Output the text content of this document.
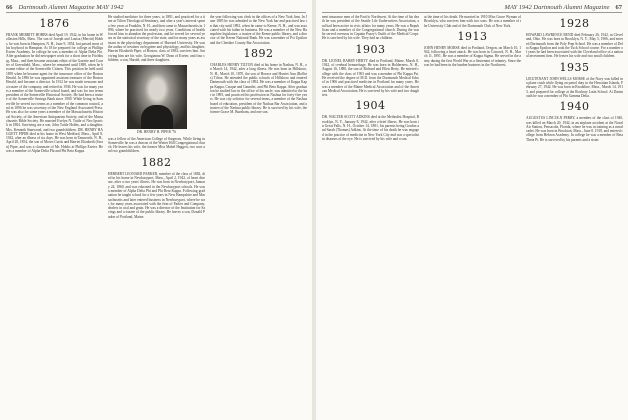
66 Dartmouth Alumni Magazine MAY 1942
1876
FRANK MERRITT HOBBS died April 19, 1942, in his home in Wollaston Hills, Mass. The son of Joseph and Louisa (Merritt) Hobbs, he was born in Hampton, N. H., June 9, 1854, but passed most of his boyhood in Hampton. At 18 he prepared for college at Phillips Exeter Academy. In college he was a member of Alpha Delta Phi. After graduation he did newspaper work for a short time in Fitchburg, Mass., and then became assistant editor of the Gazette and Courier of Greenfield, Mass., where he remained until 1888, when he became editor of the Somerville Citizen. This position he held until 1895 when he became agent for the insurance office of the Boston Herald. In 1896 he was appointed assistant treasurer of the Boston Herald, and became a director. In 1912 he was made treasurer and a trustee of the company, and retired in 1936. He was for many years a member of the Somerville school board, and was for two terms president of the Somerville Historical Society. He had been a trustee of the Somerville Savings Bank since 1900. While living in Somerville he served two terms as a member of the common council, and in 1896 he was secretary of the New England Associated Press. He was also for some years a member of the Massachusetts Historical Society, of the American Antiquarian Society, and of the Massachusetts Bible Society. He married Evelyn N. Tuttle of Neo Ipswich in 1884. Surviving are a son, John Tuttle Hobbs, and a daughter, Mrs. Kenneth Stanwood, and two grandchildren. DR. HENRY HAGGETT PIPER died at his home in West Medford, Mass., April 8, 1942, after an illness of six days. He was born in Tamworth, N. H., April 28, 1854, the son of Moses Curtis and Harriet Elizabeth (Swan) Piper, and was a classmate of Mr. Hobbs at Phillips Exeter. He was a member of Alpha Delta Phi and Phi Beta Kappa.
He studied medicine for three years, to 1881, and practiced for a time at Tilton Theological Seminary, and after a year's interval spent a few years at Franklin, N. H., and then came to Massachusetts in 1896, where he practiced for nearly two years. Conditions of health forced him to abandon the profession, and he served for several years as the statistical secretary of the state, and for many years as assistant in the physiology department of Harvard University. He was the author of treatises on hygiene and physiology, and his daughter, Harriet Elizabeth Piper, of Boston, class of 1884, survives him. Surviving him are his wife, Georgianna W. Dean of Exeter, and four children; a son, Harold, and three daughters.
DR. HENRY H. PIPER '76
was a fellow of the American College of Surgeons. While living in Somerville he was a deacon of the Winter Hill Congregational church. He leaves his wife, the former Miss Mabel Haggett, two sons and two grandchildren.
1882
HERBERT LEONARD PARKER, member of the class of 1882, died in his home in Newburyport, Mass., April 2, 1942, of heart disease, after a two years' illness. He was born in Newburyport, January 24, 1860, and was educated in the Newburyport schools. He was a member of Alpha Delta Phi and Phi Beta Kappa. Following graduation he taught school for a few years in New Hampshire and Massachusetts and later entered business in Newburyport, where he was for many years associated with the firm of Parker and Company, dealers in coal and grain. He was a director of the Institution for Savings and a trustee of the public library. He leaves a son, Donald Parker of Portland, Maine.
the year following was clerk in the offices of a New York firm. In June 1885 he was admitted to the New York bar and practiced law in that city until 1892, when he came to Keene, N. H., and was associated with his father in business. He was a member of the New Hampshire legislature, a trustee of the Keene public library, and a director of the Keene National Bank. He was a member of Psi Upsilon and the Cheshire County Bar Association.
1892
CHARLES HENRY TILTON died at his home in Nashua, N. H., on March 14, 1942, after a long illness. He was born in Hillsboro, N. H., March 10, 1870, the son of Horace and Harriet Ann (Rollins) Tilton. He attended the public schools of Hillsboro and entered Dartmouth with the class of 1892. He was a member of Kappa Kappa Kappa, Casque and Gauntlet, and Phi Beta Kappa. After graduation he studied law in the office of his uncle, was admitted to the bar in 1895, and practiced his profession in Nashua for forty-five years. He was city solicitor for several terms, a member of the Nashua board of education, president of the Nashua Bar Association, and a trustee of the Nashua public library. He is survived by his wife, the former Grace M. Burnham, and one son.
67
MAY 1942 Dartmouth Alumni Magazine
nent insurance men of the Pacific Northwest. At the time of his death he was president of the Seattle Life Underwriters Association, and had been active in civic affairs for many years. He was a Republican and a member of the Congregational church. During the war he served overseas in Captain Pusey's Outfit of the Medical Corps. He is survived by his wife. They had no children.
1903
DR. LIONEL BARRY HERTY died in Portland, Maine, March 8, 1942, of cerebral hemorrhage. He was born in Holderness, N. H., August 16, 1880, the son of Richard and Ellen Herty. He entered college with the class of 1903 and was a member of Phi Kappa Psi. He received the degree of M.D. from the Dartmouth Medical School in 1906 and practiced medicine in Portland for many years. He was a member of the Maine Medical Association and of the American Medical Association. He is survived by his wife and two daughters.
1904
DR. WALTER SCOTT ADKINS died at the Methodist Hospital, Brooklyn, N. Y., January 8, 1942, after a brief illness. He was born in Great Falls, N. H., October 14, 1881, his parents being Gordon and Sarah (Thomas) Adkins. At the time of his death he was engaged in the practice of medicine in New York City and was a specialist in diseases of the eye. He is survived by his wife and a son.
at the time of his death. He married in 1910 Miss Grace Wyman of Brooklyn, who survives him with two sons. He was a member of the University Club and of the Dartmouth Club of New York.
1913
JOHN HENRY MORSE died in Portland, Oregon, on March 10, 1942, following a heart attack. He was born in Concord, N. H., March 11, 1891. He was a member of Kappa Sigma. He served in the army during the first World War as a lieutenant of infantry. Since the war he had been in the lumber business in the Northwest.
1928
HOWARD LAWRENCE BEND died February 26, 1942, in Cleveland, Ohio. He was born in Brooklyn, N. Y., May 5, 1906, and entered Dartmouth from the Poly Prep School. He was a member of Delta Kappa Epsilon and took the Tuck School course. For a number of years he had been associated with the Cleveland office of a national investment firm. He leaves his wife and two small children.
1935
LIEUTENANT JOHN WELLS MORSE of the Navy was killed in a plane crash while flying on patrol duty in the Hawaiian Islands, February 27, 1942. He was born in Brookline, Mass., March 14, 1913, and prepared for college at the Roxbury Latin School. At Dartmouth he was a member of Phi Gamma Delta.
1940
AUGUSTUS LINCOLN PERRY, a member of the class of 1940, was killed on March 20, 1942, in an airplane accident at the Naval Air Station, Pensacola, Florida, where he was in training as a naval cadet. He was born in Brockton, Mass., June 8, 1918, and entered college from Hebron Academy. In college he was a member of Beta Theta Pi. He is survived by his parents and a sister.
